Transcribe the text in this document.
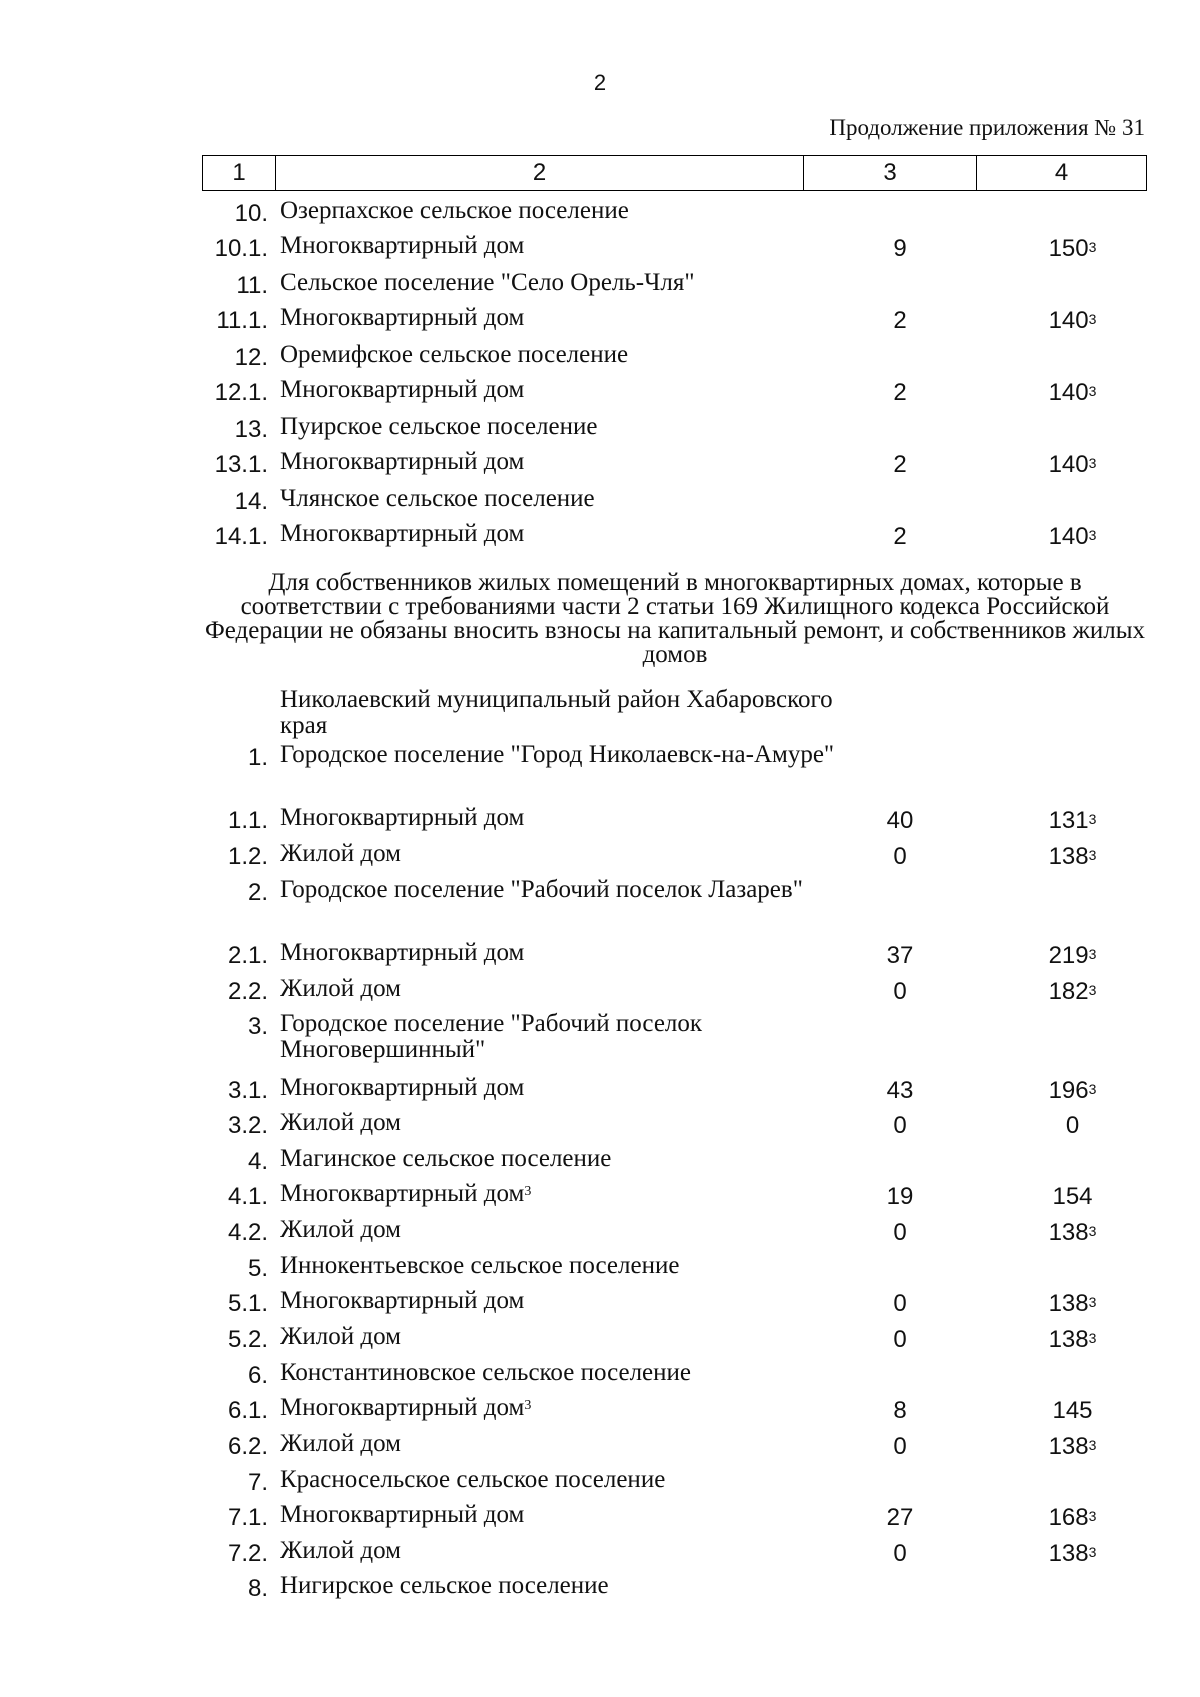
2
Продолжение приложения № 31
1	2	3	4
10. Озерпахское сельское поселение
10.1. Многоквартирный дом	9	$150^3$
11. Сельское поселение "Село Орель-Чля"
11.1. Многоквартирный дом	2	$140^3$
12. Оремифское сельское поселение
12.1. Многоквартирный дом	2	$140^3$
13. Пуирское сельское поселение
13.1. Многоквартирный дом	2	$140^3$
14. Члянское сельское поселение
14.1. Многоквартирный дом	2	$140^3$
Для собственников жилых помещений в многоквартирных домах, которые в соответствии с требованиями части 2 статьи 169 Жилищного кодекса Российской Федерации не обязаны вносить взносы на капитальный ремонт, и собственников жилых домов
Николаевский муниципальный район Хабаровского края
1. Городское поселение "Город Николаевск-на-Амуре"
1.1. Многоквартирный дом	40	$131^3$
1.2. Жилой дом	0	$138^3$
2. Городское поселение "Рабочий поселок Лазарев"
2.1. Многоквартирный дом	37	$219^3$
2.2. Жилой дом	0	$182^3$
3. Городское поселение "Рабочий поселок Многовершинный"
3.1. Многоквартирный дом	43	$196^3$
3.2. Жилой дом	0	0
4. Магинское сельское поселение
4.1. Многоквартирный дом$^3$	19	154
4.2. Жилой дом	0	$138^3$
5. Иннокентьевское сельское поселение
5.1. Многоквартирный дом	0	$138^3$
5.2. Жилой дом	0	$138^3$
6. Константиновское сельское поселение
6.1. Многоквартирный дом$^3$	8	145
6.2. Жилой дом	0	$138^3$
7. Красносельское сельское поселение
7.1. Многоквартирный дом	27	$168^3$
7.2. Жилой дом	0	$138^3$
8. Нигирское сельское поселение
